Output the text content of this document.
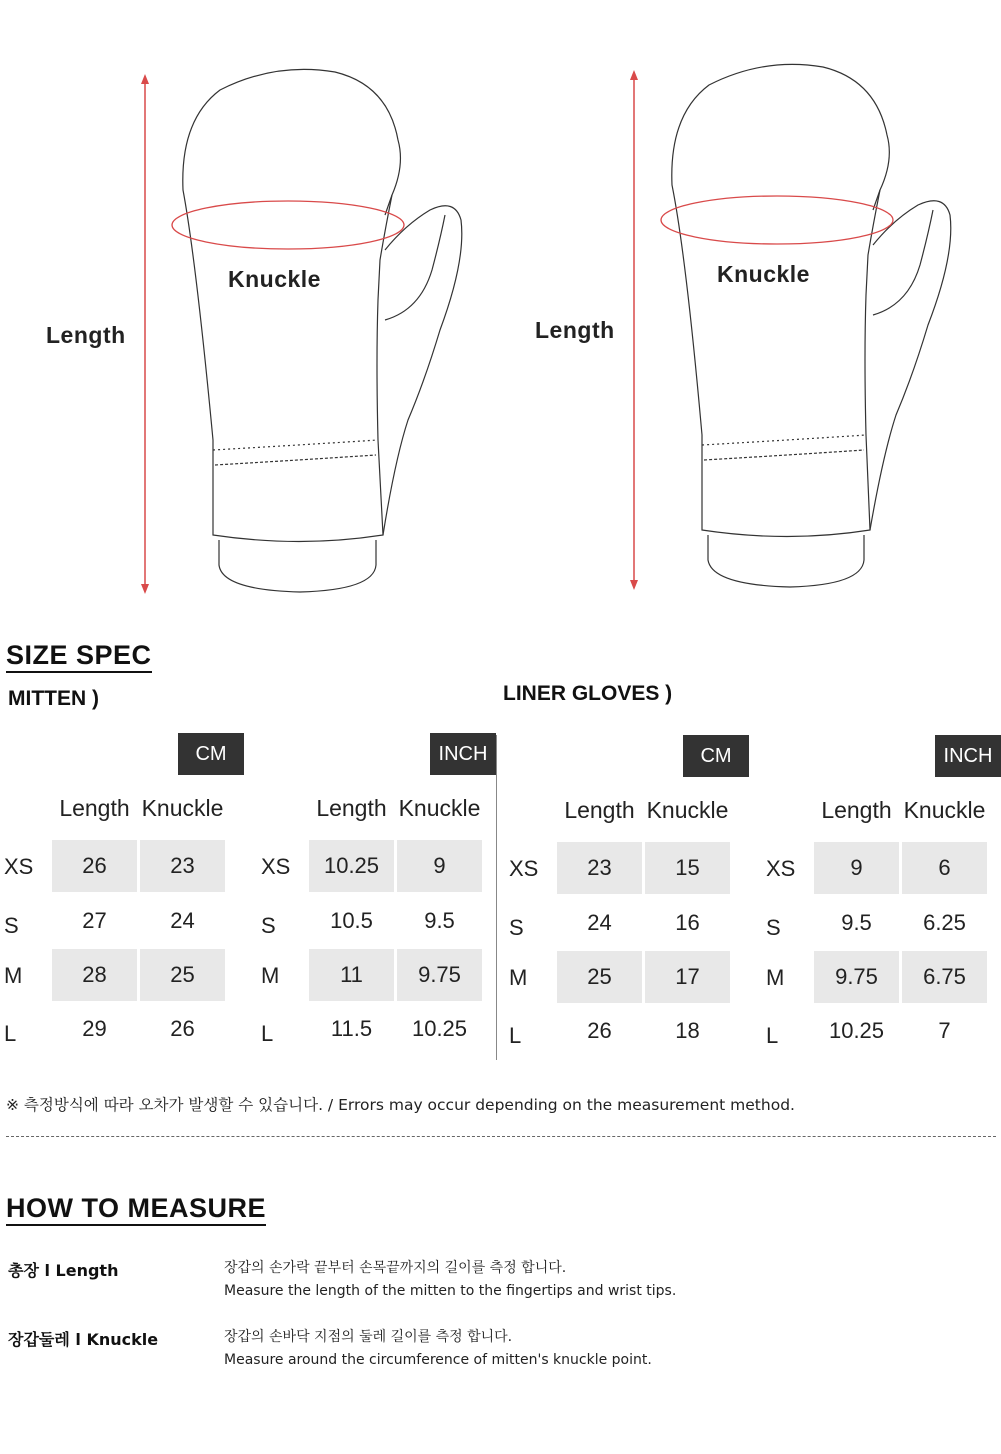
Length
Knuckle
Length
Knuckle
SIZE SPEC
MITTEN )	LINER GLOVES )
CM
Length Knuckle
XS	26	23
S	27	24
M	28	25
L	29	26
INCH
Length Knuckle
XS	10.25	9
S	10.5	9.5
M	11	9.75
L	11.5	10.25
CM
Length Knuckle
XS	23	15
S	24	16
M	25	17
L	26	18
INCH
Length Knuckle
XS	9	6
S	9.5	6.25
M	9.75	6.75
L	10.25	7
※ 측정방식에 따라 오차가 발생할 수 있습니다. / Errors may occur depending on the measurement method.
HOW TO MEASURE
총장 l Length	장갑의 손가락 끝부터 손목끝까지의 길이를 측정 합니다.
Measure the length of the mitten to the fingertips and wrist tips.
장갑둘레 l Knuckle	장갑의 손바닥 지점의 둘레 길이를 측정 합니다.
Measure around the circumference of mitten's knuckle point.
